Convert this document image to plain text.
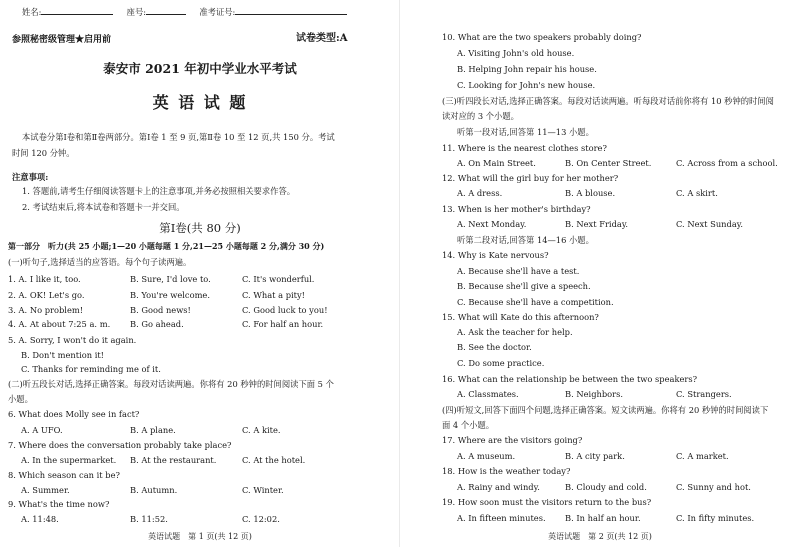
姓名:	座号:	准考证号:
参照秘密级管理★启用前	试卷类型:A
泰安市 2021 年初中学业水平考试
英 语 试 题
本试卷分第Ⅰ卷和第Ⅱ卷两部分。第Ⅰ卷 1 至 9 页,第Ⅱ卷 10 至 12 页,共 150 分。考试
时间 120 分钟。
注意事项:
1. 答题前,请考生仔细阅读答题卡上的注意事项,并务必按照相关要求作答。
2. 考试结束后,将本试卷和答题卡一并交回。
第Ⅰ卷(共 80 分)
第一部分　听力(共 25 小题;1—20 小题每题 1 分,21—25 小题每题 2 分,满分 30 分)
(一)听句子,选择适当的应答语。每个句子读两遍。
1. A. I like it, too.	B. Sure, I'd love to.	C. It's wonderful.
2. A. OK! Let's go.	B. You're welcome.	C. What a pity!
3. A. No problem!	B. Good news!	C. Good luck to you!
4. A. At about 7:25 a. m. B. Go ahead.	C. For half an hour.
5. A. Sorry, I won't do it again.
B. Don't mention it!
C. Thanks for reminding me of it.
(二)听五段长对话,选择正确答案。每段对话读两遍。你将有 20 秒钟的时间阅读下面 5 个
小题。
6. What does Molly see in fact?
A. A UFO.	B. A plane.	C. A kite.
7. Where does the conversation probably take place?
A. In the supermarket. B. At the restaurant.	C. At the hotel.
8. Which season can it be?
A. Summer.	B. Autumn.	C. Winter.
9. What's the time now?
A. 11:48.	B. 11:52.	C. 12:02.
英语试题　第 1 页(共 12 页)
10. What are the two speakers probably doing?
A. Visiting John's old house.
B. Helping John repair his house.
C. Looking for John's new house.
(三)听四段长对话,选择正确答案。每段对话读两遍。听每段对话前你将有 10 秒钟的时间阅
读对应的 3 个小题。
听第一段对话,回答第 11—13 小题。
11. Where is the nearest clothes store?
A. On Main Street.	B. On Center Street.	C. Across from a school.
12. What will the girl buy for her mother?
A. A dress.	B. A blouse.	C. A skirt.
13. When is her mother's birthday?
A. Next Monday.	B. Next Friday.	C. Next Sunday.
听第二段对话,回答第 14—16 小题。
14. Why is Kate nervous?
A. Because she'll have a test.
B. Because she'll give a speech.
C. Because she'll have a competition.
15. What will Kate do this afternoon?
A. Ask the teacher for help.
B. See the doctor.
C. Do some practice.
16. What can the relationship be between the two speakers?
A. Classmates.	B. Neighbors.	C. Strangers.
(四)听短文,回答下面四个问题,选择正确答案。短文读两遍。你将有 20 秒钟的时间阅读下
面 4 个小题。
17. Where are the visitors going?
A. A museum.	B. A city park.	C. A market.
18. How is the weather today?
A. Rainy and windy.	B. Cloudy and cold.	C. Sunny and hot.
19. How soon must the visitors return to the bus?
A. In fifteen minutes. B. In half an hour.	C. In fifty minutes.
英语试题　第 2 页(共 12 页)
